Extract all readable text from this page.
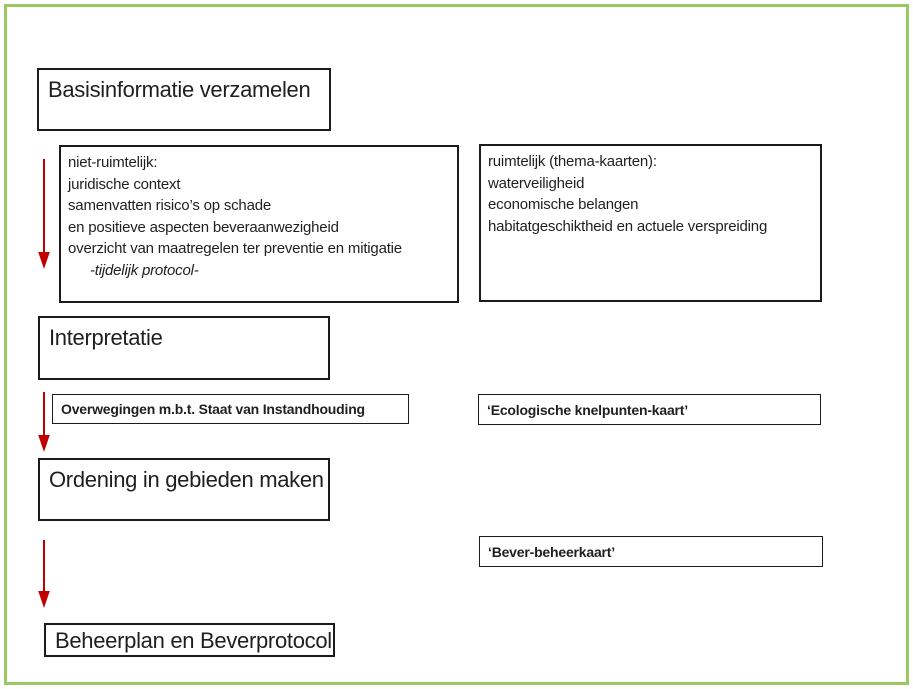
Basisinformatie verzamelen
niet-ruimtelijk:
juridische context
samenvatten risico’s op schade
en positieve aspecten beveraanwezigheid
overzicht van maatregelen ter preventie en mitigatie
-tijdelijk protocol-
ruimtelijk (thema-kaarten):
waterveiligheid
economische belangen
habitatgeschiktheid en actuele verspreiding
Interpretatie
Overwegingen m.b.t. Staat van Instandhouding	‘Ecologische knelpunten-kaart’
Ordening in gebieden maken
‘Bever-beheerkaart’
Beheerplan en Beverprotocol
